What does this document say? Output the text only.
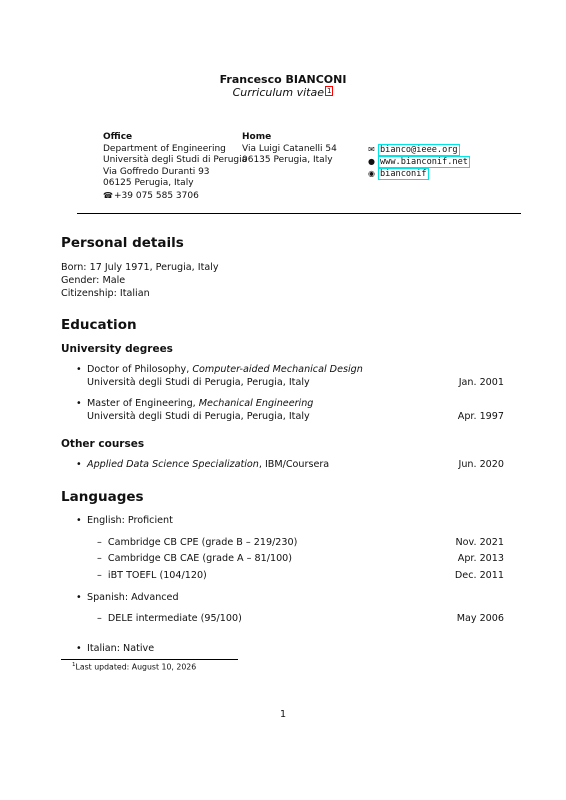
Francesco BIANCONI
Curriculum vitae 1
Office
Department of Engineering
Università degli Studi di Perugia
Via Goffredo Duranti 93
06125 Perugia, Italy
☎+39 075 585 3706
Home
Via Luigi Catanelli 54
06135 Perugia, Italy
✉ bianco@ieee.org
● www.bianconif.net
◉ bianconif
Personal details
Born: 17 July 1971, Perugia, Italy
Gender: Male
Citizenship: Italian
Education
University degrees
• Doctor of Philosophy, Computer-aided Mechanical Design
Università degli Studi di Perugia, Perugia, Italy	Jan. 2001
• Master of Engineering, Mechanical Engineering
Università degli Studi di Perugia, Perugia, Italy	Apr. 1997
Other courses
• Applied Data Science Specialization, IBM/Coursera	Jun. 2020
Languages
• English: Proficient
–  Cambridge CB CPE (grade B – 219/230)	Nov. 2021
–  Cambridge CB CAE (grade A – 81/100)	Apr. 2013
–  iBT TOEFL (104/120)	Dec. 2011
• Spanish: Advanced
–  DELE intermediate (95/100)	May 2006
• Italian: Native
$^1$Last updated: August 10, 2026
1
